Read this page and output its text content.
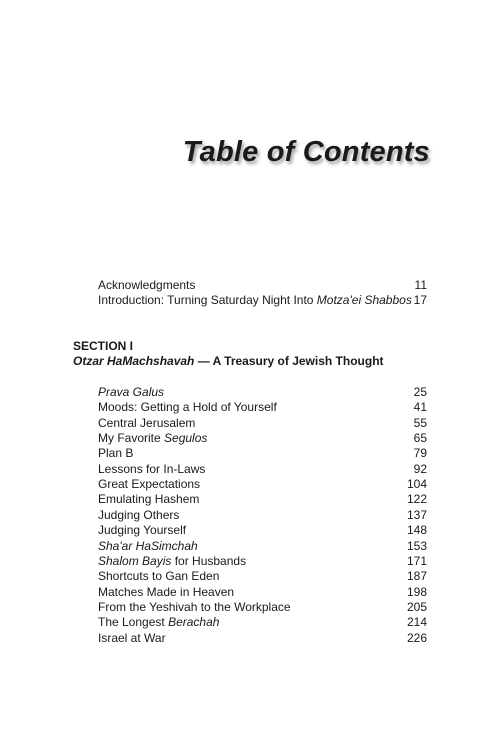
Table of Contents
Acknowledgments	11
Introduction: Turning Saturday Night Into Motza'ei Shabbos 17
SECTION I
Otzar HaMachshavah — A Treasury of Jewish Thought
Prava Galus	25
Moods: Getting a Hold of Yourself	41
Central Jerusalem	55
My Favorite Segulos	65
Plan B	79
Lessons for In-Laws	92
Great Expectations	104
Emulating Hashem	122
Judging Others	137
Judging Yourself	148
Sha'ar HaSimchah	153
Shalom Bayis for Husbands	171
Shortcuts to Gan Eden	187
Matches Made in Heaven	198
From the Yeshivah to the Workplace	205
The Longest Berachah	214
Israel at War	226
